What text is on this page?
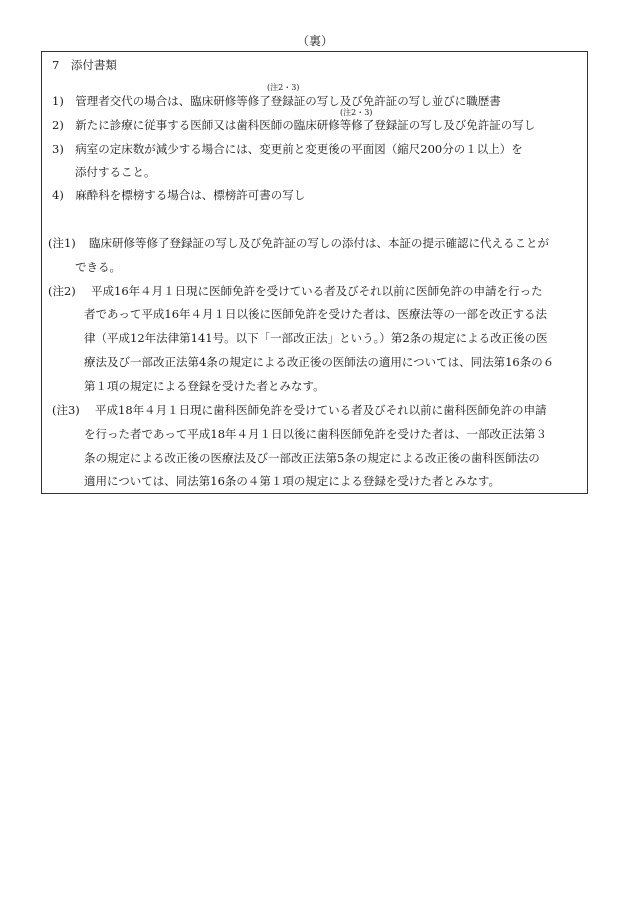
（裏）
7　添付書類
(注2・3)
1)　管理者交代の場合は、臨床研修等修了登録証の写し及び免許証の写し並びに職歴書
(注2・3)
2)　新たに診療に従事する医師又は歯科医師の臨床研修等修了登録証の写し及び免許証の写し
3)　病室の定床数が減少する場合には、変更前と変更後の平面図（縮尺200分の１以上）を
添付すること。
4)　麻酔科を標榜する場合は、標榜許可書の写し
(注1) 臨床研修等修了登録証の写し及び免許証の写しの添付は、本証の提示確認に代えることが
できる。
(注2) 平成16年４月１日現に医師免許を受けている者及びそれ以前に医師免許の申請を行った
者であって平成16年４月１日以後に医師免許を受けた者は、医療法等の一部を改正する法
律（平成12年法律第141号。以下「一部改正法」という。）第2条の規定による改正後の医
療法及び一部改正法第4条の規定による改正後の医師法の適用については、同法第16条の６
第１項の規定による登録を受けた者とみなす。
(注3) 平成18年４月１日現に歯科医師免許を受けている者及びそれ以前に歯科医師免許の申請
を行った者であって平成18年４月１日以後に歯科医師免許を受けた者は、一部改正法第３
条の規定による改正後の医療法及び一部改正法第5条の規定による改正後の歯科医師法の
適用については、同法第16条の４第１項の規定による登録を受けた者とみなす。
